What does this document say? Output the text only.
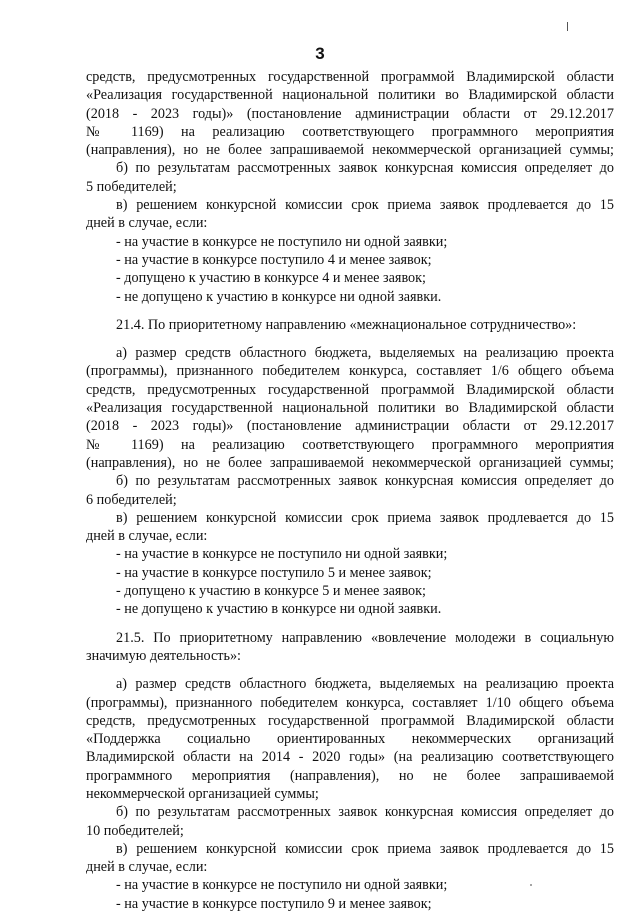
3
средств, предусмотренных государственной программой Владимирской области
«Реализация государственной национальной политики во Владимирской области
(2018 - 2023 годы)» (постановление администрации области от 29.12.2017
№ 1169) на реализацию соответствующего программного мероприятия
(направления), но не более запрашиваемой некоммерческой организацией суммы;
б) по результатам рассмотренных заявок конкурсная комиссия определяет до
5 победителей;
в) решением конкурсной комиссии срок приема заявок продлевается до 15
дней в случае, если:
- на участие в конкурсе не поступило ни одной заявки;
- на участие в конкурсе поступило 4 и менее заявок;
- допущено к участию в конкурсе 4 и менее заявок;
- не допущено к участию в конкурсе ни одной заявки.
21.4. По приоритетному направлению «межнациональное сотрудничество»:
а) размер средств областного бюджета, выделяемых на реализацию проекта
(программы), признанного победителем конкурса, составляет 1/6 общего объема
средств, предусмотренных государственной программой Владимирской области
«Реализация государственной национальной политики во Владимирской области
(2018 - 2023 годы)» (постановление администрации области от 29.12.2017
№ 1169) на реализацию соответствующего программного мероприятия
(направления), но не более запрашиваемой некоммерческой организацией суммы;
б) по результатам рассмотренных заявок конкурсная комиссия определяет до
6 победителей;
в) решением конкурсной комиссии срок приема заявок продлевается до 15
дней в случае, если:
- на участие в конкурсе не поступило ни одной заявки;
- на участие в конкурсе поступило 5 и менее заявок;
- допущено к участию в конкурсе 5 и менее заявок;
- не допущено к участию в конкурсе ни одной заявки.
21.5. По приоритетному направлению «вовлечение молодежи в социальную
значимую деятельность»:
а) размер средств областного бюджета, выделяемых на реализацию проекта
(программы), признанного победителем конкурса, составляет 1/10 общего объема
средств, предусмотренных государственной программой Владимирской области
«Поддержка социально ориентированных некоммерческих организаций
Владимирской области на 2014 - 2020 годы» (на реализацию соответствующего
программного мероприятия (направления), но не более запрашиваемой
некоммерческой организацией суммы;
б) по результатам рассмотренных заявок конкурсная комиссия определяет до
10 победителей;
в) решением конкурсной комиссии срок приема заявок продлевается до 15
дней в случае, если:
- на участие в конкурсе не поступило ни одной заявки;
- на участие в конкурсе поступило 9 и менее заявок;
